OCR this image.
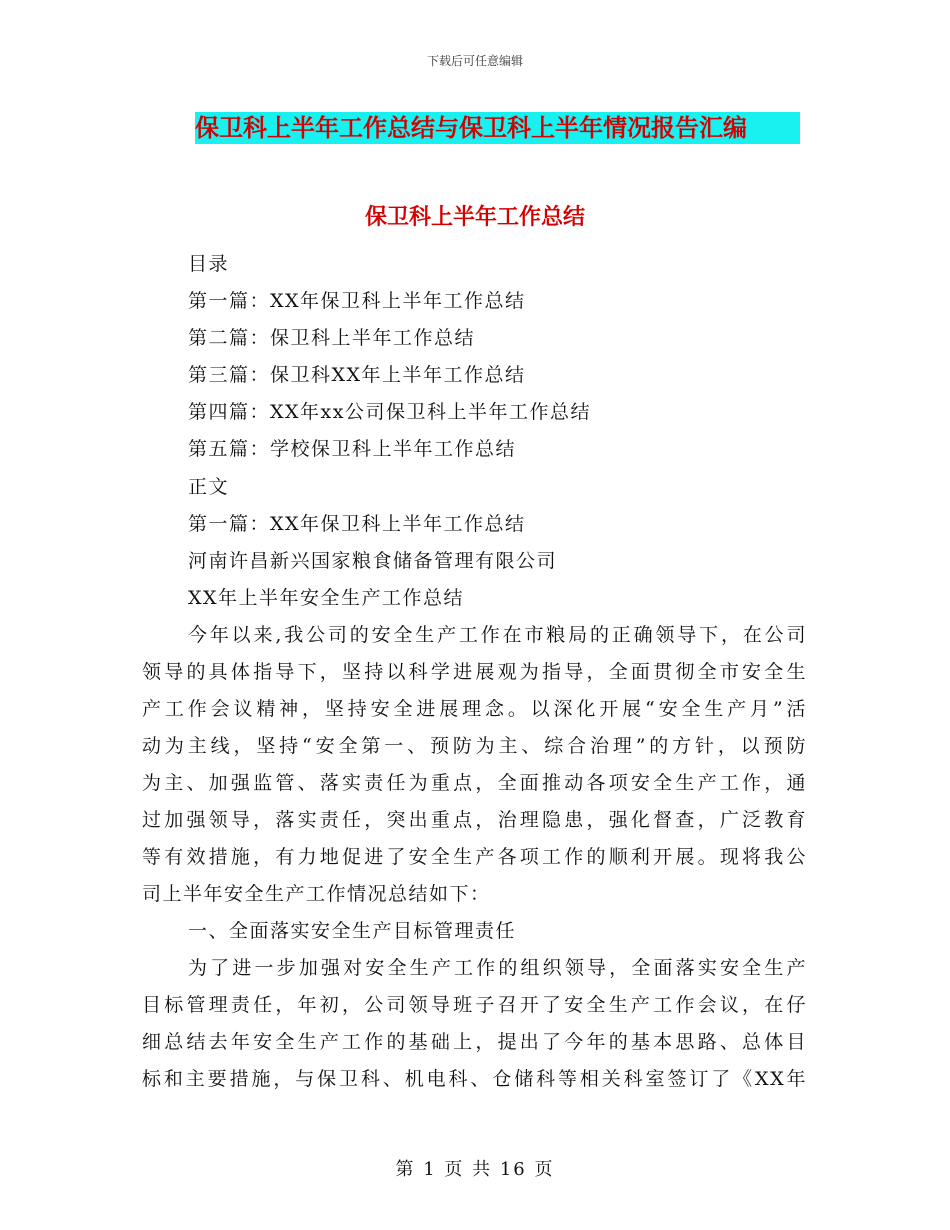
下载后可任意编辑
保卫科上半年工作总结与保卫科上半年情况报告汇编
保卫科上半年工作总结
目录
第一篇：XX年保卫科上半年工作总结
第二篇：保卫科上半年工作总结
第三篇：保卫科XX年上半年工作总结
第四篇：XX年xx公司保卫科上半年工作总结
第五篇：学校保卫科上半年工作总结
正文
第一篇：XX年保卫科上半年工作总结
河南许昌新兴国家粮食储备管理有限公司
XX年上半年安全生产工作总结
今年以来,我公司的安全生产工作在市粮局的正确领导下，在公司
领导的具体指导下，坚持以科学进展观为指导，全面贯彻全市安全生
产工作会议精神，坚持安全进展理念。以深化开展“安全生产月”活
动为主线，坚持“安全第一、预防为主、综合治理”的方针，以预防
为主、加强监管、落实责任为重点，全面推动各项安全生产工作，通
过加强领导，落实责任，突出重点，治理隐患，强化督查，广泛教育
等有效措施，有力地促进了安全生产各项工作的顺利开展。现将我公
司上半年安全生产工作情况总结如下：
一、全面落实安全生产目标管理责任
为了进一步加强对安全生产工作的组织领导，全面落实安全生产
目标管理责任，年初，公司领导班子召开了安全生产工作会议，在仔
细总结去年安全生产工作的基础上，提出了今年的基本思路、总体目
标和主要措施，与保卫科、机电科、仓储科等相关科室签订了《XX年
第 1 页 共 16 页
